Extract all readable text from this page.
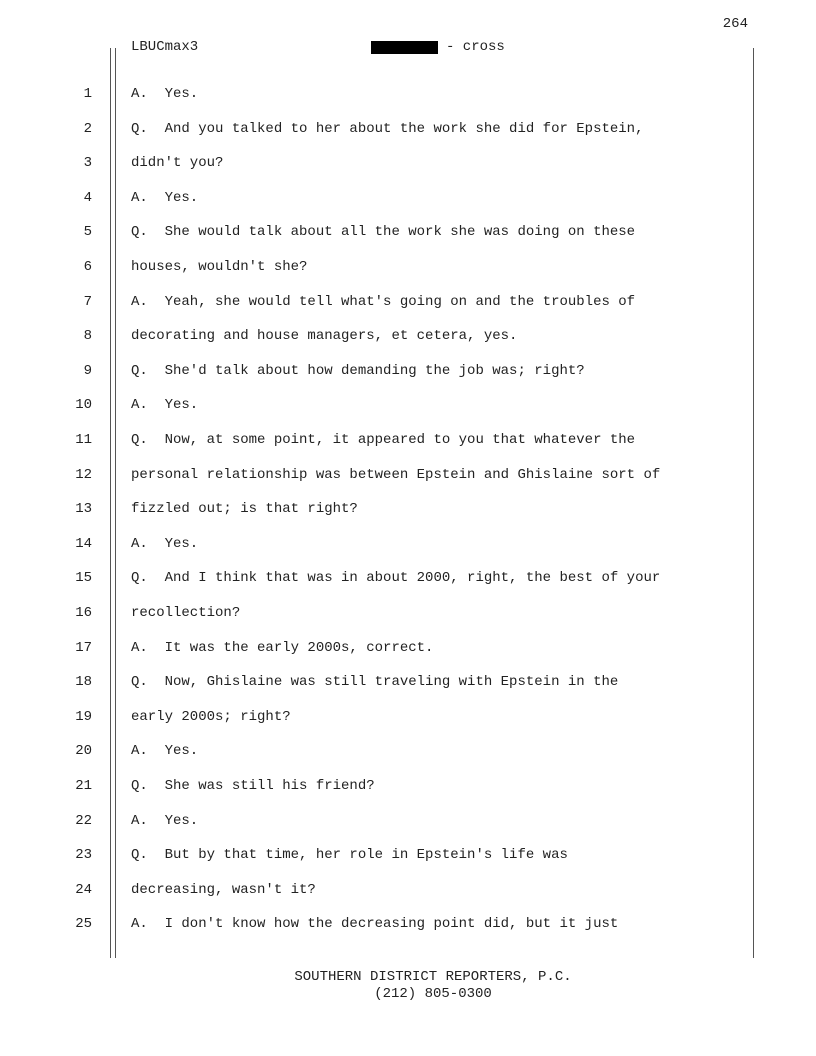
264
LBUCmax3	- cross
1	A.  Yes.
2	Q.  And you talked to her about the work she did for Epstein,
3	didn't you?
4	A.  Yes.
5	Q.  She would talk about all the work she was doing on these
6	houses, wouldn't she?
7	A.  Yeah, she would tell what's going on and the troubles of
8	decorating and house managers, et cetera, yes.
9	Q.  She'd talk about how demanding the job was; right?
10	A.  Yes.
11	Q.  Now, at some point, it appeared to you that whatever the
12	personal relationship was between Epstein and Ghislaine sort of
13	fizzled out; is that right?
14	A.  Yes.
15	Q.  And I think that was in about 2000, right, the best of your
16	recollection?
17	A.  It was the early 2000s, correct.
18	Q.  Now, Ghislaine was still traveling with Epstein in the
19	early 2000s; right?
20	A.  Yes.
21	Q.  She was still his friend?
22	A.  Yes.
23	Q.  But by that time, her role in Epstein's life was
24	decreasing, wasn't it?
25	A.  I don't know how the decreasing point did, but it just
SOUTHERN DISTRICT REPORTERS, P.C.
(212) 805-0300
